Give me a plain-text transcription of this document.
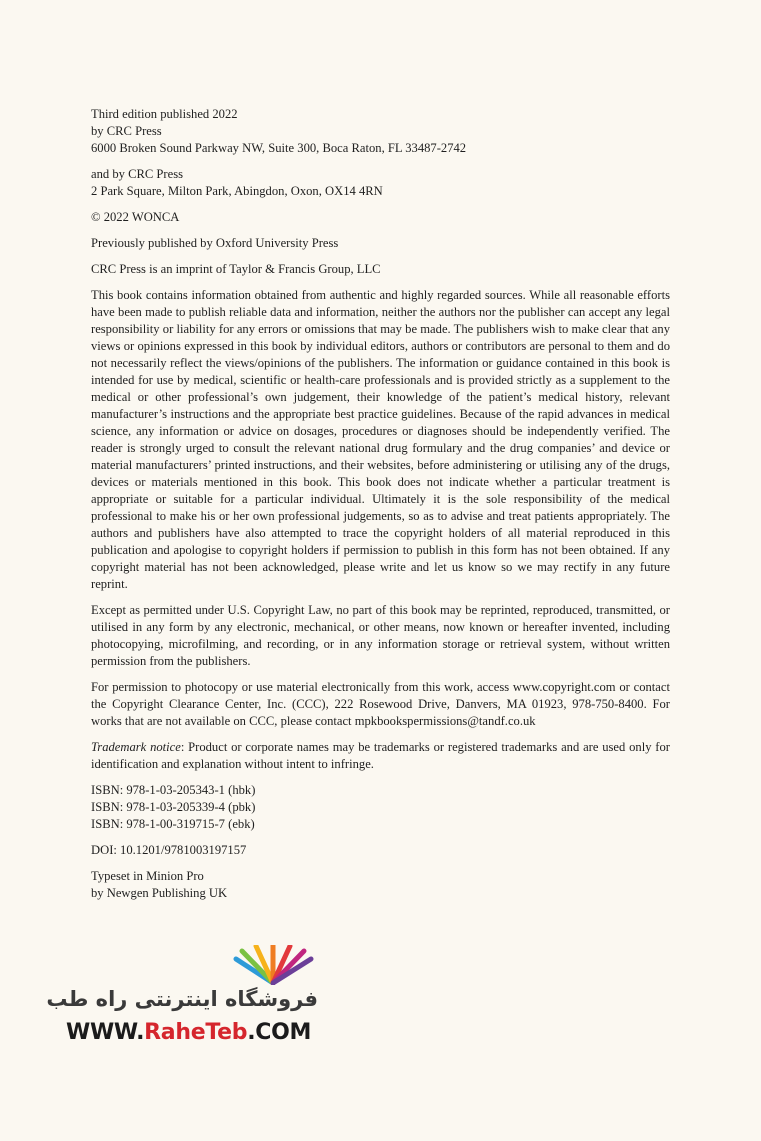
Third edition published 2022
by CRC Press
6000 Broken Sound Parkway NW, Suite 300, Boca Raton, FL 33487-2742

and by CRC Press
2 Park Square, Milton Park, Abingdon, Oxon, OX14 4RN

© 2022 WONCA

Previously published by Oxford University Press

CRC Press is an imprint of Taylor & Francis Group, LLC

This book contains information obtained from authentic and highly regarded sources. While all reasonable efforts have been made to publish reliable data and information, neither the authors nor the publisher can accept any legal responsibility or liability for any errors or omissions that may be made. The publishers wish to make clear that any views or opinions expressed in this book by individual editors, authors or contributors are personal to them and do not necessarily reflect the views/opinions of the publishers. The information or guidance contained in this book is intended for use by medical, scientific or health-care professionals and is provided strictly as a supplement to the medical or other professional’s own judgement, their knowledge of the patient’s medical history, relevant manufacturer’s instructions and the appropriate best practice guidelines. Because of the rapid advances in medical science, any information or advice on dosages, procedures or diagnoses should be independently verified. The reader is strongly urged to consult the relevant national drug formulary and the drug companies’ and device or material manufacturers’ printed instructions, and their websites, before administering or utilising any of the drugs, devices or materials mentioned in this book. This book does not indicate whether a particular treatment is appropriate or suitable for a particular individual. Ultimately it is the sole responsibility of the medical professional to make his or her own professional judgements, so as to advise and treat patients appropriately. The authors and publishers have also attempted to trace the copyright holders of all material reproduced in this publication and apologise to copyright holders if permission to publish in this form has not been obtained. If any copyright material has not been acknowledged, please write and let us know so we may rectify in any future reprint.

Except as permitted under U.S. Copyright Law, no part of this book may be reprinted, reproduced, transmitted, or utilised in any form by any electronic, mechanical, or other means, now known or hereafter invented, including photocopying, microfilming, and recording, or in any information storage or retrieval system, without written permission from the publishers.

For permission to photocopy or use material electronically from this work, access www.copyright.com or contact the Copyright Clearance Center, Inc. (CCC), 222 Rosewood Drive, Danvers, MA 01923, 978-750-8400. For works that are not available on CCC, please contact mpkbookspermissions@tandf.co.uk

Trademark notice: Product or corporate names may be trademarks or registered trademarks and are used only for identification and explanation without intent to infringe.

ISBN: 978-1-03-205343-1 (hbk)
ISBN: 978-1-03-205339-4 (pbk)
ISBN: 978-1-00-319715-7 (ebk)

DOI: 10.1201/9781003197157

Typeset in Minion Pro
by Newgen Publishing UK

فروشگاه اینترنتی راه طب
WWW.RaheTeb.COM
